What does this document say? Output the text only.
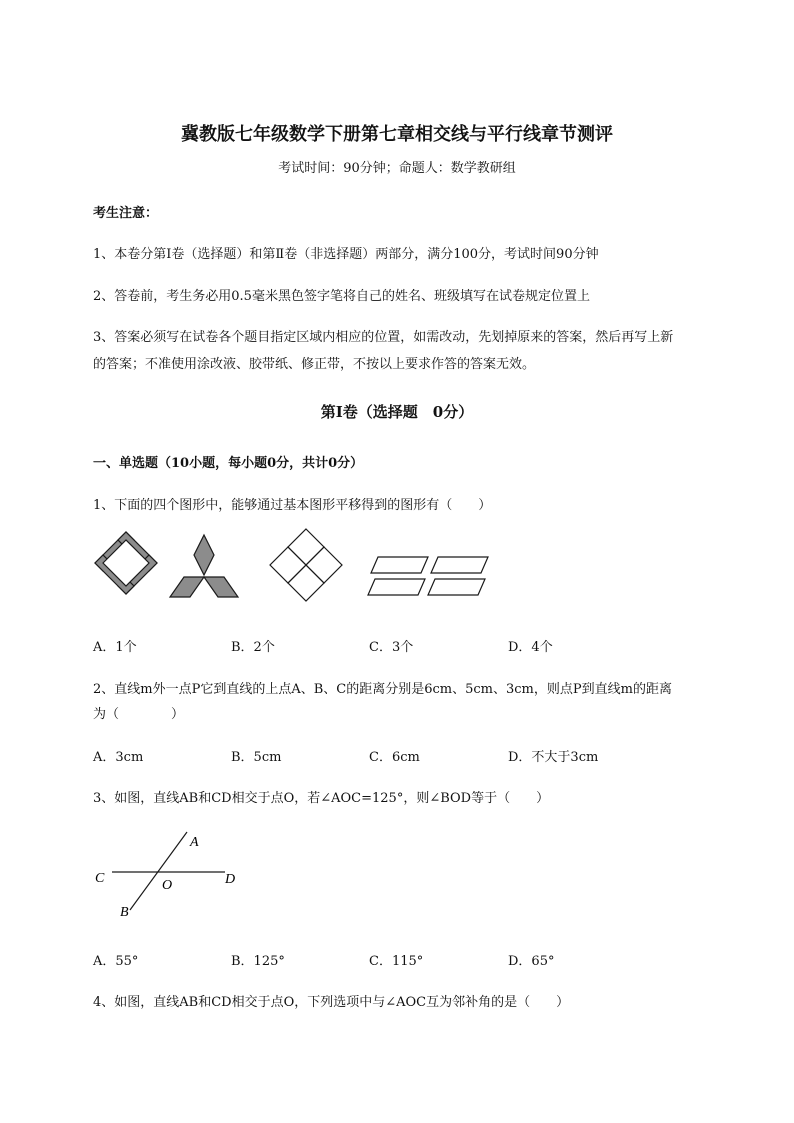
冀教版七年级数学下册第七章相交线与平行线章节测评
考试时间：90分钟；命题人：数学教研组
考生注意：
1、本卷分第Ⅰ卷（选择题）和第Ⅱ卷（非选择题）两部分，满分100分，考试时间90分钟
2、答卷前，考生务必用0.5毫米黑色签字笔将自己的姓名、班级填写在试卷规定位置上
3、答案必须写在试卷各个题目指定区域内相应的位置，如需改动，先划掉原来的答案，然后再写上新
的答案；不准使用涂改液、胶带纸、修正带，不按以上要求作答的答案无效。
第Ⅰ卷（选择题　0分）
一、单选题（10小题，每小题0分，共计0分）
1、下面的四个图形中，能够通过基本图形平移得到的图形有（　　）
A．1个	B．2个	C．3个	D．4个
2、直线m外一点P它到直线的上点A、B、C的距离分别是6cm、5cm、3cm，则点P到直线m的距离
为（　　　　）
A．3cm	B．5cm	C．6cm	D．不大于3cm
3、如图，直线AB和CD相交于点O，若∠AOC=125°，则∠BOD等于（　　）
A
B
C	D
O
A．55°	B．125°	C．115°	D．65°
4、如图，直线AB和CD相交于点O，下列选项中与∠AOC互为邻补角的是（　　）
